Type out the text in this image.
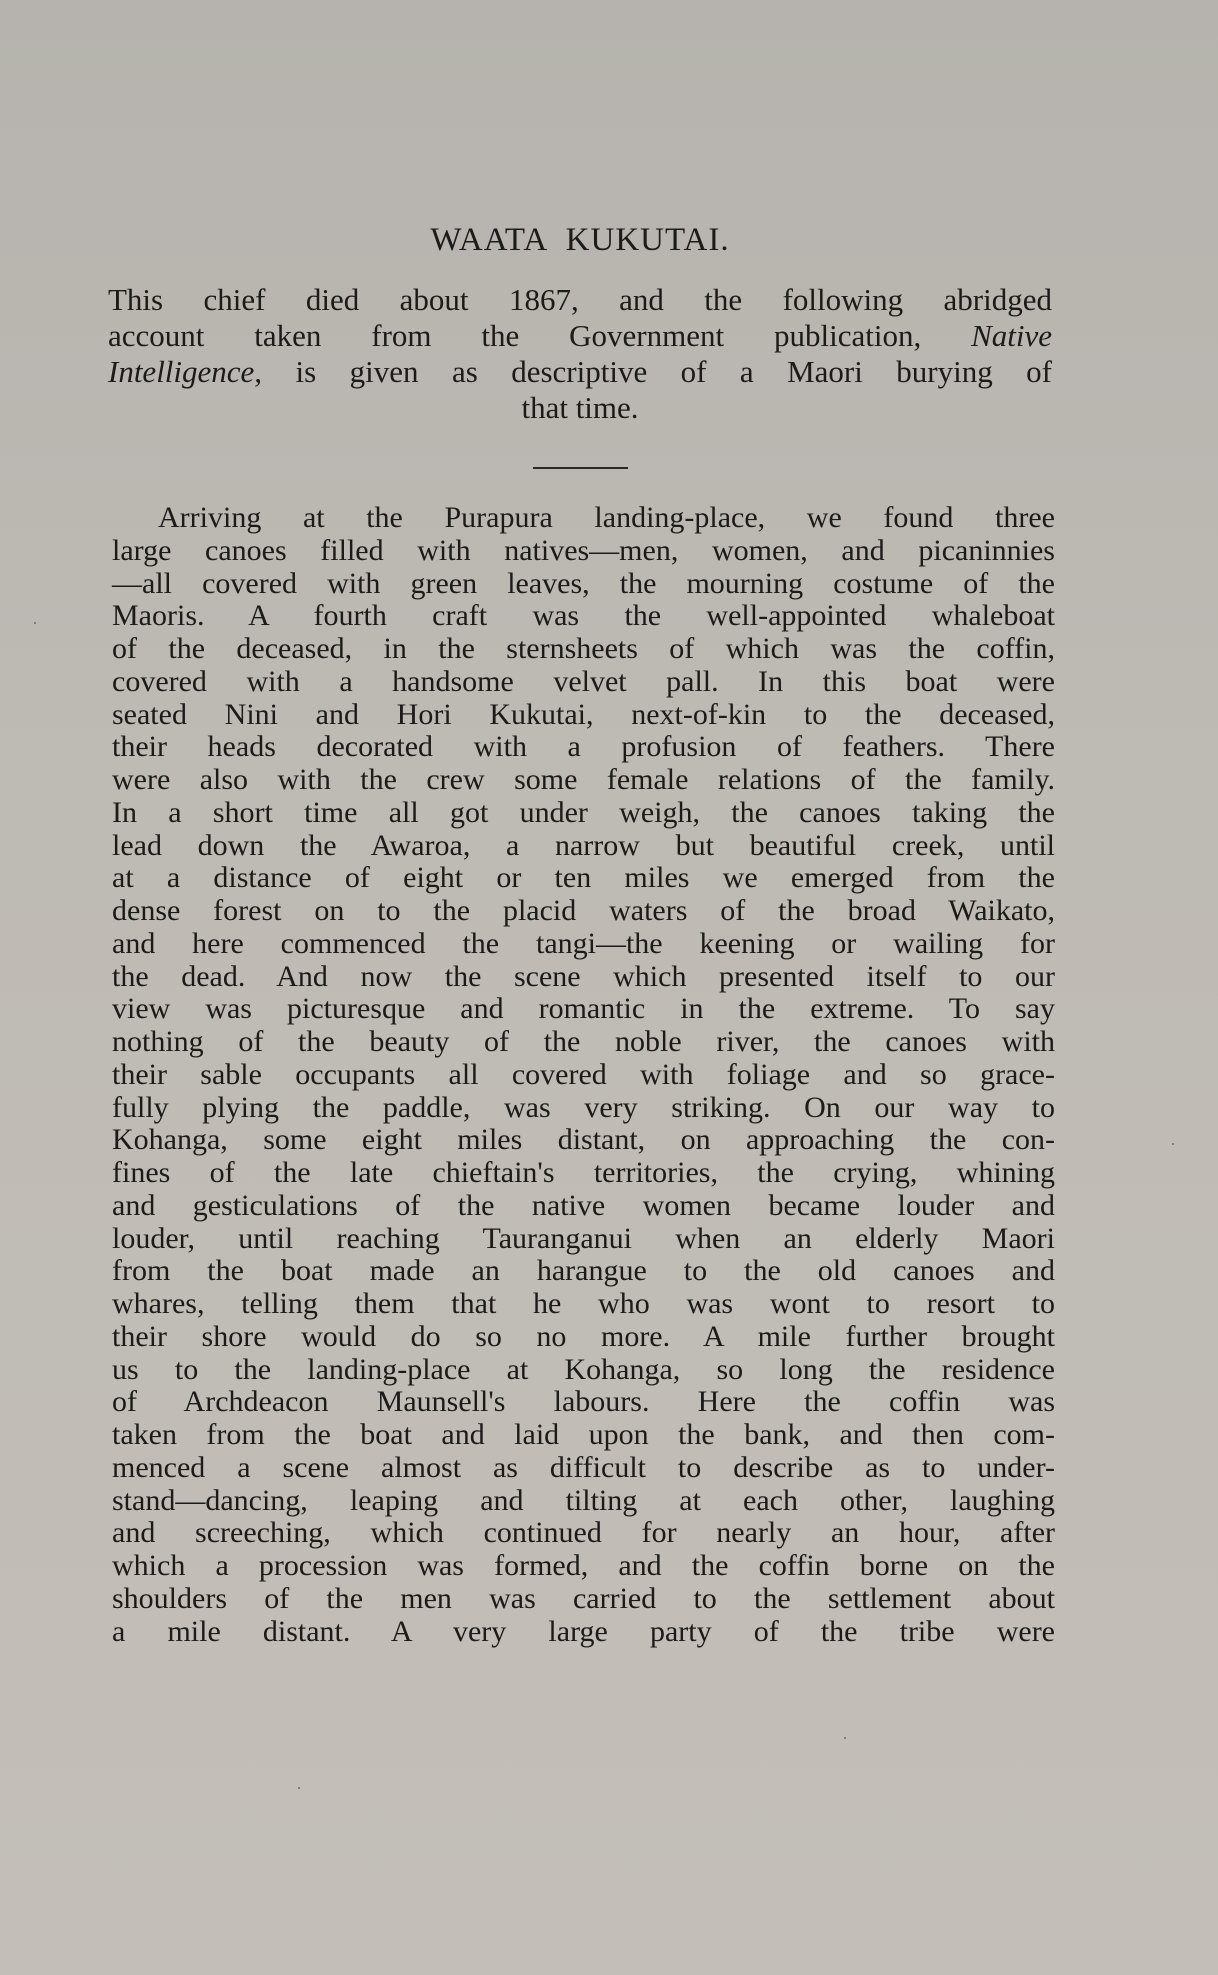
WAATA KUKUTAI.
This chief died about 1867, and the following abridged
account taken from the Government publication, Native
Intelligence, is given as descriptive of a Maori burying of
that time.
Arriving at the Purapura landing-place, we found three
large canoes filled with natives—men, women, and picaninnies
—all covered with green leaves, the mourning costume of the
Maoris. A fourth craft was the well-appointed whaleboat
of the deceased, in the sternsheets of which was the coffin,
covered with a handsome velvet pall. In this boat were
seated Nini and Hori Kukutai, next-of-kin to the deceased,
their heads decorated with a profusion of feathers. There
were also with the crew some female relations of the family.
In a short time all got under weigh, the canoes taking the
lead down the Awaroa, a narrow but beautiful creek, until
at a distance of eight or ten miles we emerged from the
dense forest on to the placid waters of the broad Waikato,
and here commenced the tangi—the keening or wailing for
the dead. And now the scene which presented itself to our
view was picturesque and romantic in the extreme. To say
nothing of the beauty of the noble river, the canoes with
their sable occupants all covered with foliage and so grace-
fully plying the paddle, was very striking. On our way to
Kohanga, some eight miles distant, on approaching the con-
fines of the late chieftain's territories, the crying, whining
and gesticulations of the native women became louder and
louder, until reaching Tauranganui when an elderly Maori
from the boat made an harangue to the old canoes and
whares, telling them that he who was wont to resort to
their shore would do so no more. A mile further brought
us to the landing-place at Kohanga, so long the residence
of Archdeacon Maunsell's labours. Here the coffin was
taken from the boat and laid upon the bank, and then com-
menced a scene almost as difficult to describe as to under-
stand—dancing, leaping and tilting at each other, laughing
and screeching, which continued for nearly an hour, after
which a procession was formed, and the coffin borne on the
shoulders of the men was carried to the settlement about
a mile distant. A very large party of the tribe were
